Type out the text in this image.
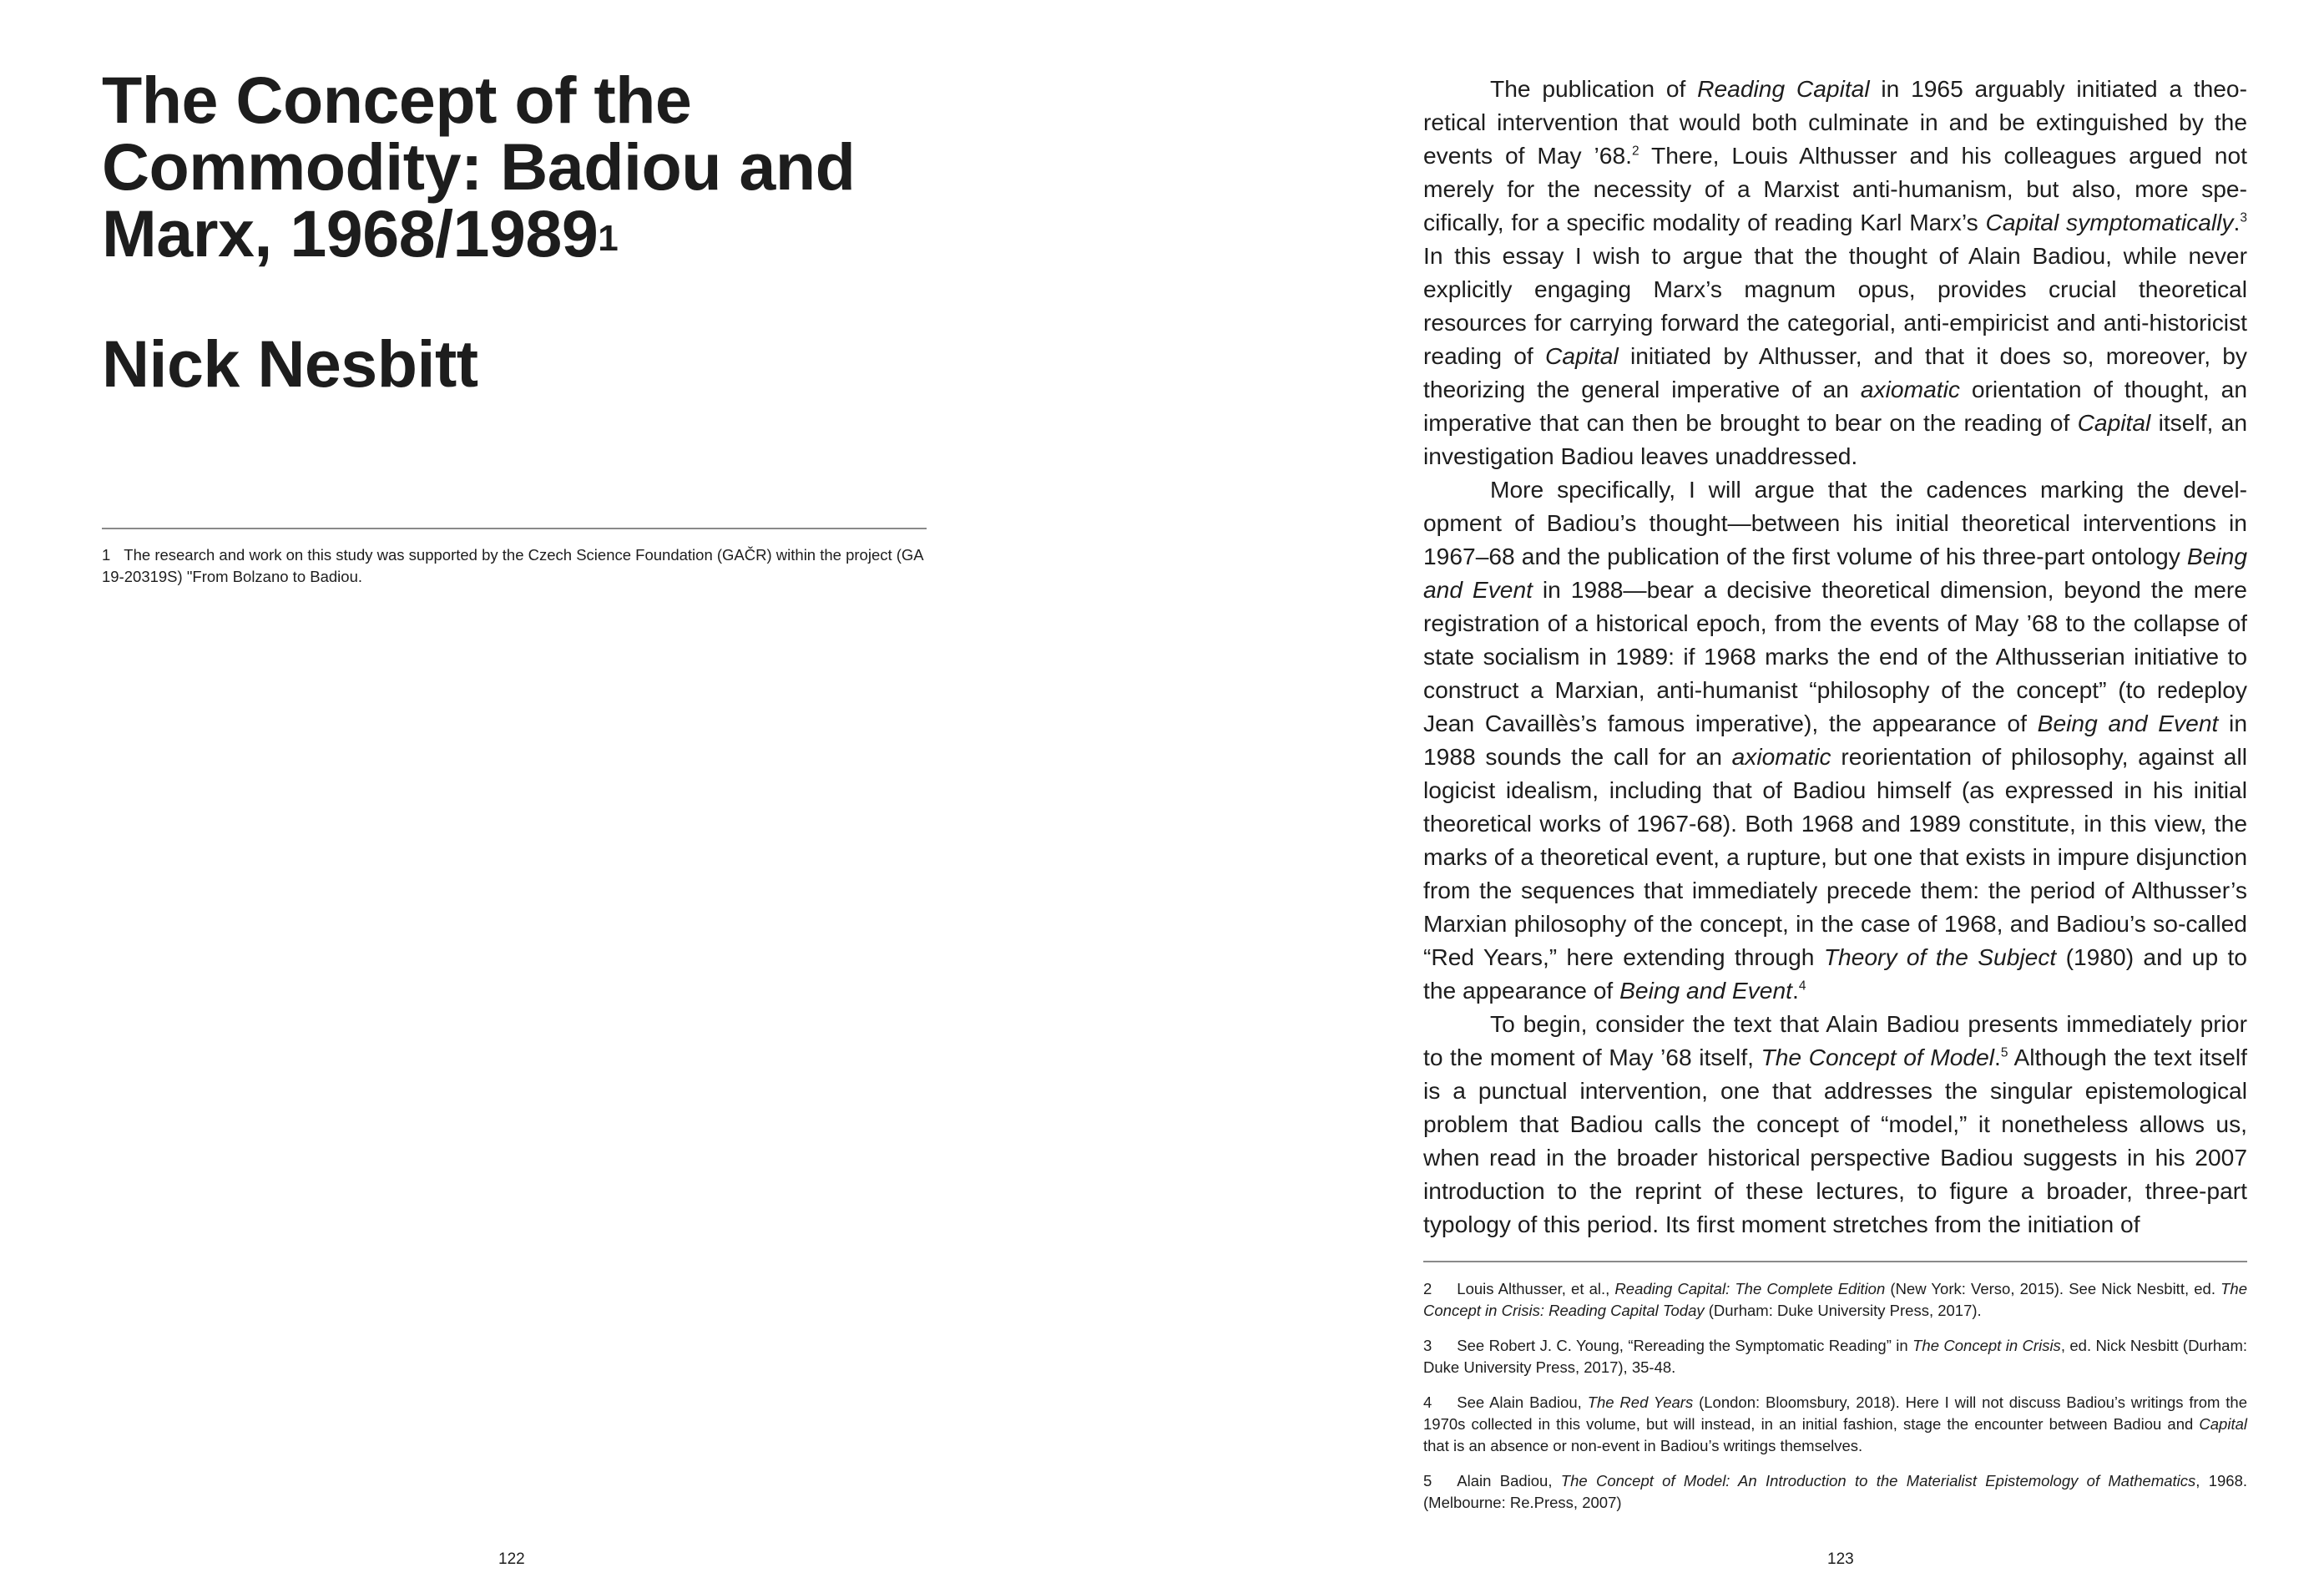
The Concept of the Commodity: Badiou and Marx, 1968/1989$^1$
Nick Nesbitt

1 The research and work on this study was supported by the Czech Science Foundation (GAČR) within the project (GA 19-20319S) "From Bolzano to Badiou.

122

The publication of Reading Capital in 1965 arguably initiated a theoretical intervention that would both culminate in and be extinguished by the events of May ’68.$^2$ There, Louis Althusser and his colleagues argued not merely for the necessity of a Marxist anti-humanism, but also, more specifically, for a specific modality of reading Karl Marx’s Capital symptomatically.$^3$ In this essay I wish to argue that the thought of Alain Badiou, while never explicitly engaging Marx’s magnum opus, provides crucial theoretical resources for carrying forward the categorial, anti-empiricist and anti-historicist reading of Capital initiated by Althusser, and that it does so, moreover, by theorizing the general imperative of an axiomatic orientation of thought, an imperative that can then be brought to bear on the reading of Capital itself, an investigation Badiou leaves unaddressed.

More specifically, I will argue that the cadences marking the development of Badiou’s thought—between his initial theoretical interventions in 1967–68 and the publication of the first volume of his three-part ontology Being and Event in 1988—bear a decisive theoretical dimension, beyond the mere registration of a historical epoch, from the events of May ’68 to the collapse of state socialism in 1989: if 1968 marks the end of the Althusserian initiative to construct a Marxian, anti-humanist “philosophy of the concept” (to redeploy Jean Cavaillès’s famous imperative), the appearance of Being and Event in 1988 sounds the call for an axiomatic reorientation of philosophy, against all logicist idealism, including that of Badiou himself (as expressed in his initial theoretical works of 1967-68). Both 1968 and 1989 constitute, in this view, the marks of a theoretical event, a rupture, but one that exists in impure disjunction from the sequences that immediately precede them: the period of Althusser’s Marxian philosophy of the concept, in the case of 1968, and Badiou’s so-called “Red Years,” here extending through Theory of the Subject (1980) and up to the appearance of Being and Event.$^4$

To begin, consider the text that Alain Badiou presents immediately prior to the moment of May ’68 itself, The Concept of Model.$^5$ Although the text itself is a punctual intervention, one that addresses the singular epistemological problem that Badiou calls the concept of “model,” it nonetheless allows us, when read in the broader historical perspective Badiou suggests in his 2007 introduction to the reprint of these lectures, to figure a broader, three-part typology of this period. Its first moment stretches from the initiation of

2 Louis Althusser, et al., Reading Capital: The Complete Edition (New York: Verso, 2015). See Nick Nesbitt, ed. The Concept in Crisis: Reading Capital Today (Durham: Duke University Press, 2017).

3 See Robert J. C. Young, “Rereading the Symptomatic Reading” in The Concept in Crisis, ed. Nick Nesbitt (Durham: Duke University Press, 2017), 35-48.

4 See Alain Badiou, The Red Years (London: Bloomsbury, 2018). Here I will not discuss Badiou’s writings from the 1970s collected in this volume, but will instead, in an initial fashion, stage the encounter between Badiou and Capital that is an absence or non-event in Badiou’s writings themselves.

5 Alain Badiou, The Concept of Model: An Introduction to the Materialist Epistemology of Mathematics, 1968. (Melbourne: Re.Press, 2007)

123
